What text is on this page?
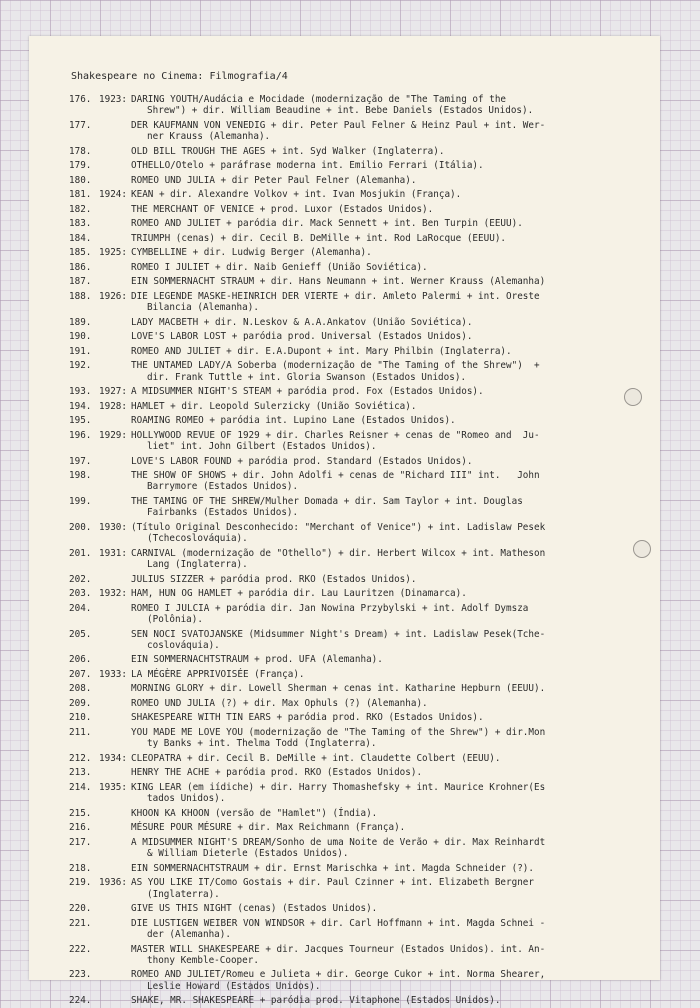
Shakespeare no Cinema: Filmografia/4
176. 1923: DARING YOUTH/Audácia e Mocidade (modernização de "The Taming of the
Shrew") + dir. William Beaudine + int. Bebe Daniels (Estados Unidos).
177.	DER KAUFMANN VON VENEDIG + dir. Peter Paul Felner & Heinz Paul + int. Wer-
ner Krauss (Alemanha).
178.	OLD BILL TROUGH THE AGES + int. Syd Walker (Inglaterra).
179.	OTHELLO/Otelo + paráfrase moderna int. Emilio Ferrari (Itália).
180.	ROMEO UND JULIA + dir Peter Paul Felner (Alemanha).
181. 1924: KEAN + dir. Alexandre Volkov + int. Ivan Mosjukin (França).
182.	THE MERCHANT OF VENICE + prod. Luxor (Estados Unidos).
183.	ROMEO AND JULIET + paródia dir. Mack Sennett + int. Ben Turpin (EEUU).
184.	TRIUMPH (cenas) + dir. Cecil B. DeMille + int. Rod LaRocque (EEUU).
185. 1925: CYMBELLINE + dir. Ludwig Berger (Alemanha).
186.	ROMEO I JULIET + dir. Naib Genieff (União Soviética).
187.	EIN SOMMERNACHT STRAUM + dir. Hans Neumann + int. Werner Krauss (Alemanha)
188. 1926: DIE LEGENDE MASKE-HEINRICH DER VIERTE + dir. Amleto Palermi + int. Oreste
Bilancia (Alemanha).
189.	LADY MACBETH + dir. N.Leskov & A.A.Ankatov (União Soviética).
190.	LOVE'S LABOR LOST + paródia prod. Universal (Estados Unidos).
191.	ROMEO AND JULIET + dir. E.A.Dupont + int. Mary Philbin (Inglaterra).
192.	THE UNTAMED LADY/A Soberba (modernização de "The Taming of the Shrew")  +
dir. Frank Tuttle + int. Gloria Swanson (Estados Unidos).
193. 1927: A MIDSUMMER NIGHT'S STEAM + paródia prod. Fox (Estados Unidos).
194. 1928: HAMLET + dir. Leopold Sulerzicky (União Soviética).
195.	ROAMING ROMEO + paródia int. Lupino Lane (Estados Unidos).
196. 1929: HOLLYWOOD REVUE OF 1929 + dir. Charles Reisner + cenas de "Romeo and  Ju-
liet" int. John Gilbert (Estados Unidos).
197.	LOVE'S LABOR FOUND + paródia prod. Standard (Estados Unidos).
198.	THE SHOW OF SHOWS + dir. John Adolfi + cenas de "Richard III" int.   John
Barrymore (Estados Unidos).
199.	THE TAMING OF THE SHREW/Mulher Domada + dir. Sam Taylor + int. Douglas
Fairbanks (Estados Unidos).
200. 1930: (Título Original Desconhecido: "Merchant of Venice") + int. Ladislaw Pesek
(Tchecoslováquia).
201. 1931: CARNIVAL (modernização de "Othello") + dir. Herbert Wilcox + int. Matheson
Lang (Inglaterra).
202.	JULIUS SIZZER + paródia prod. RKO (Estados Unidos).
203. 1932: HAM, HUN OG HAMLET + paródia dir. Lau Lauritzen (Dinamarca).
204.	ROMEO I JULCIA + paródia dir. Jan Nowina Przybylski + int. Adolf Dymsza
(Polônia).
205.	SEN NOCI SVATOJANSKE (Midsummer Night's Dream) + int. Ladislaw Pesek(Tche-
coslováquia).
206.	EIN SOMMERNACHTSTRAUM + prod. UFA (Alemanha).
207. 1933: LA MÉGÈRE APPRIVOISÉE (França).
208.	MORNING GLORY + dir. Lowell Sherman + cenas int. Katharine Hepburn (EEUU).
209.	ROMEO UND JULIA (?) + dir. Max Ophuls (?) (Alemanha).
210.	SHAKESPEARE WITH TIN EARS + paródia prod. RKO (Estados Unidos).
211.	YOU MADE ME LOVE YOU (modernização de "The Taming of the Shrew") + dir.Mon
ty Banks + int. Thelma Todd (Inglaterra).
212. 1934: CLEOPATRA + dir. Cecil B. DeMille + int. Claudette Colbert (EEUU).
213.	HENRY THE ACHE + paródia prod. RKO (Estados Unidos).
214. 1935: KING LEAR (em iídiche) + dir. Harry Thomashefsky + int. Maurice Krohner(Es
tados Unidos).
215.	KHOON KA KHOON (versão de "Hamlet") (Índia).
216.	MÉSURE POUR MÉSURE + dir. Max Reichmann (França).
217.	A MIDSUMMER NIGHT'S DREAM/Sonho de uma Noite de Verão + dir. Max Reinhardt
& William Dieterle (Estados Unidos).
218.	EIN SOMMERNACHTSTRAUM + dir. Ernst Marischka + int. Magda Schneider (?).
219. 1936: AS YOU LIKE IT/Como Gostais + dir. Paul Czinner + int. Elizabeth Bergner
(Inglaterra).
220.	GIVE US THIS NIGHT (cenas) (Estados Unidos).
221.	DIE LUSTIGEN WEIBER VON WINDSOR + dir. Carl Hoffmann + int. Magda Schnei -
der (Alemanha).
222.	MASTER WILL SHAKESPEARE + dir. Jacques Tourneur (Estados Unidos). int. An-
thony Kemble-Cooper.
223.	ROMEO AND JULIET/Romeu e Julieta + dir. George Cukor + int. Norma Shearer,
Leslie Howard (Estados Unidos).
224.	SHAKE, MR. SHAKESPEARE + paródia prod. Vitaphone (Estados Unidos).
